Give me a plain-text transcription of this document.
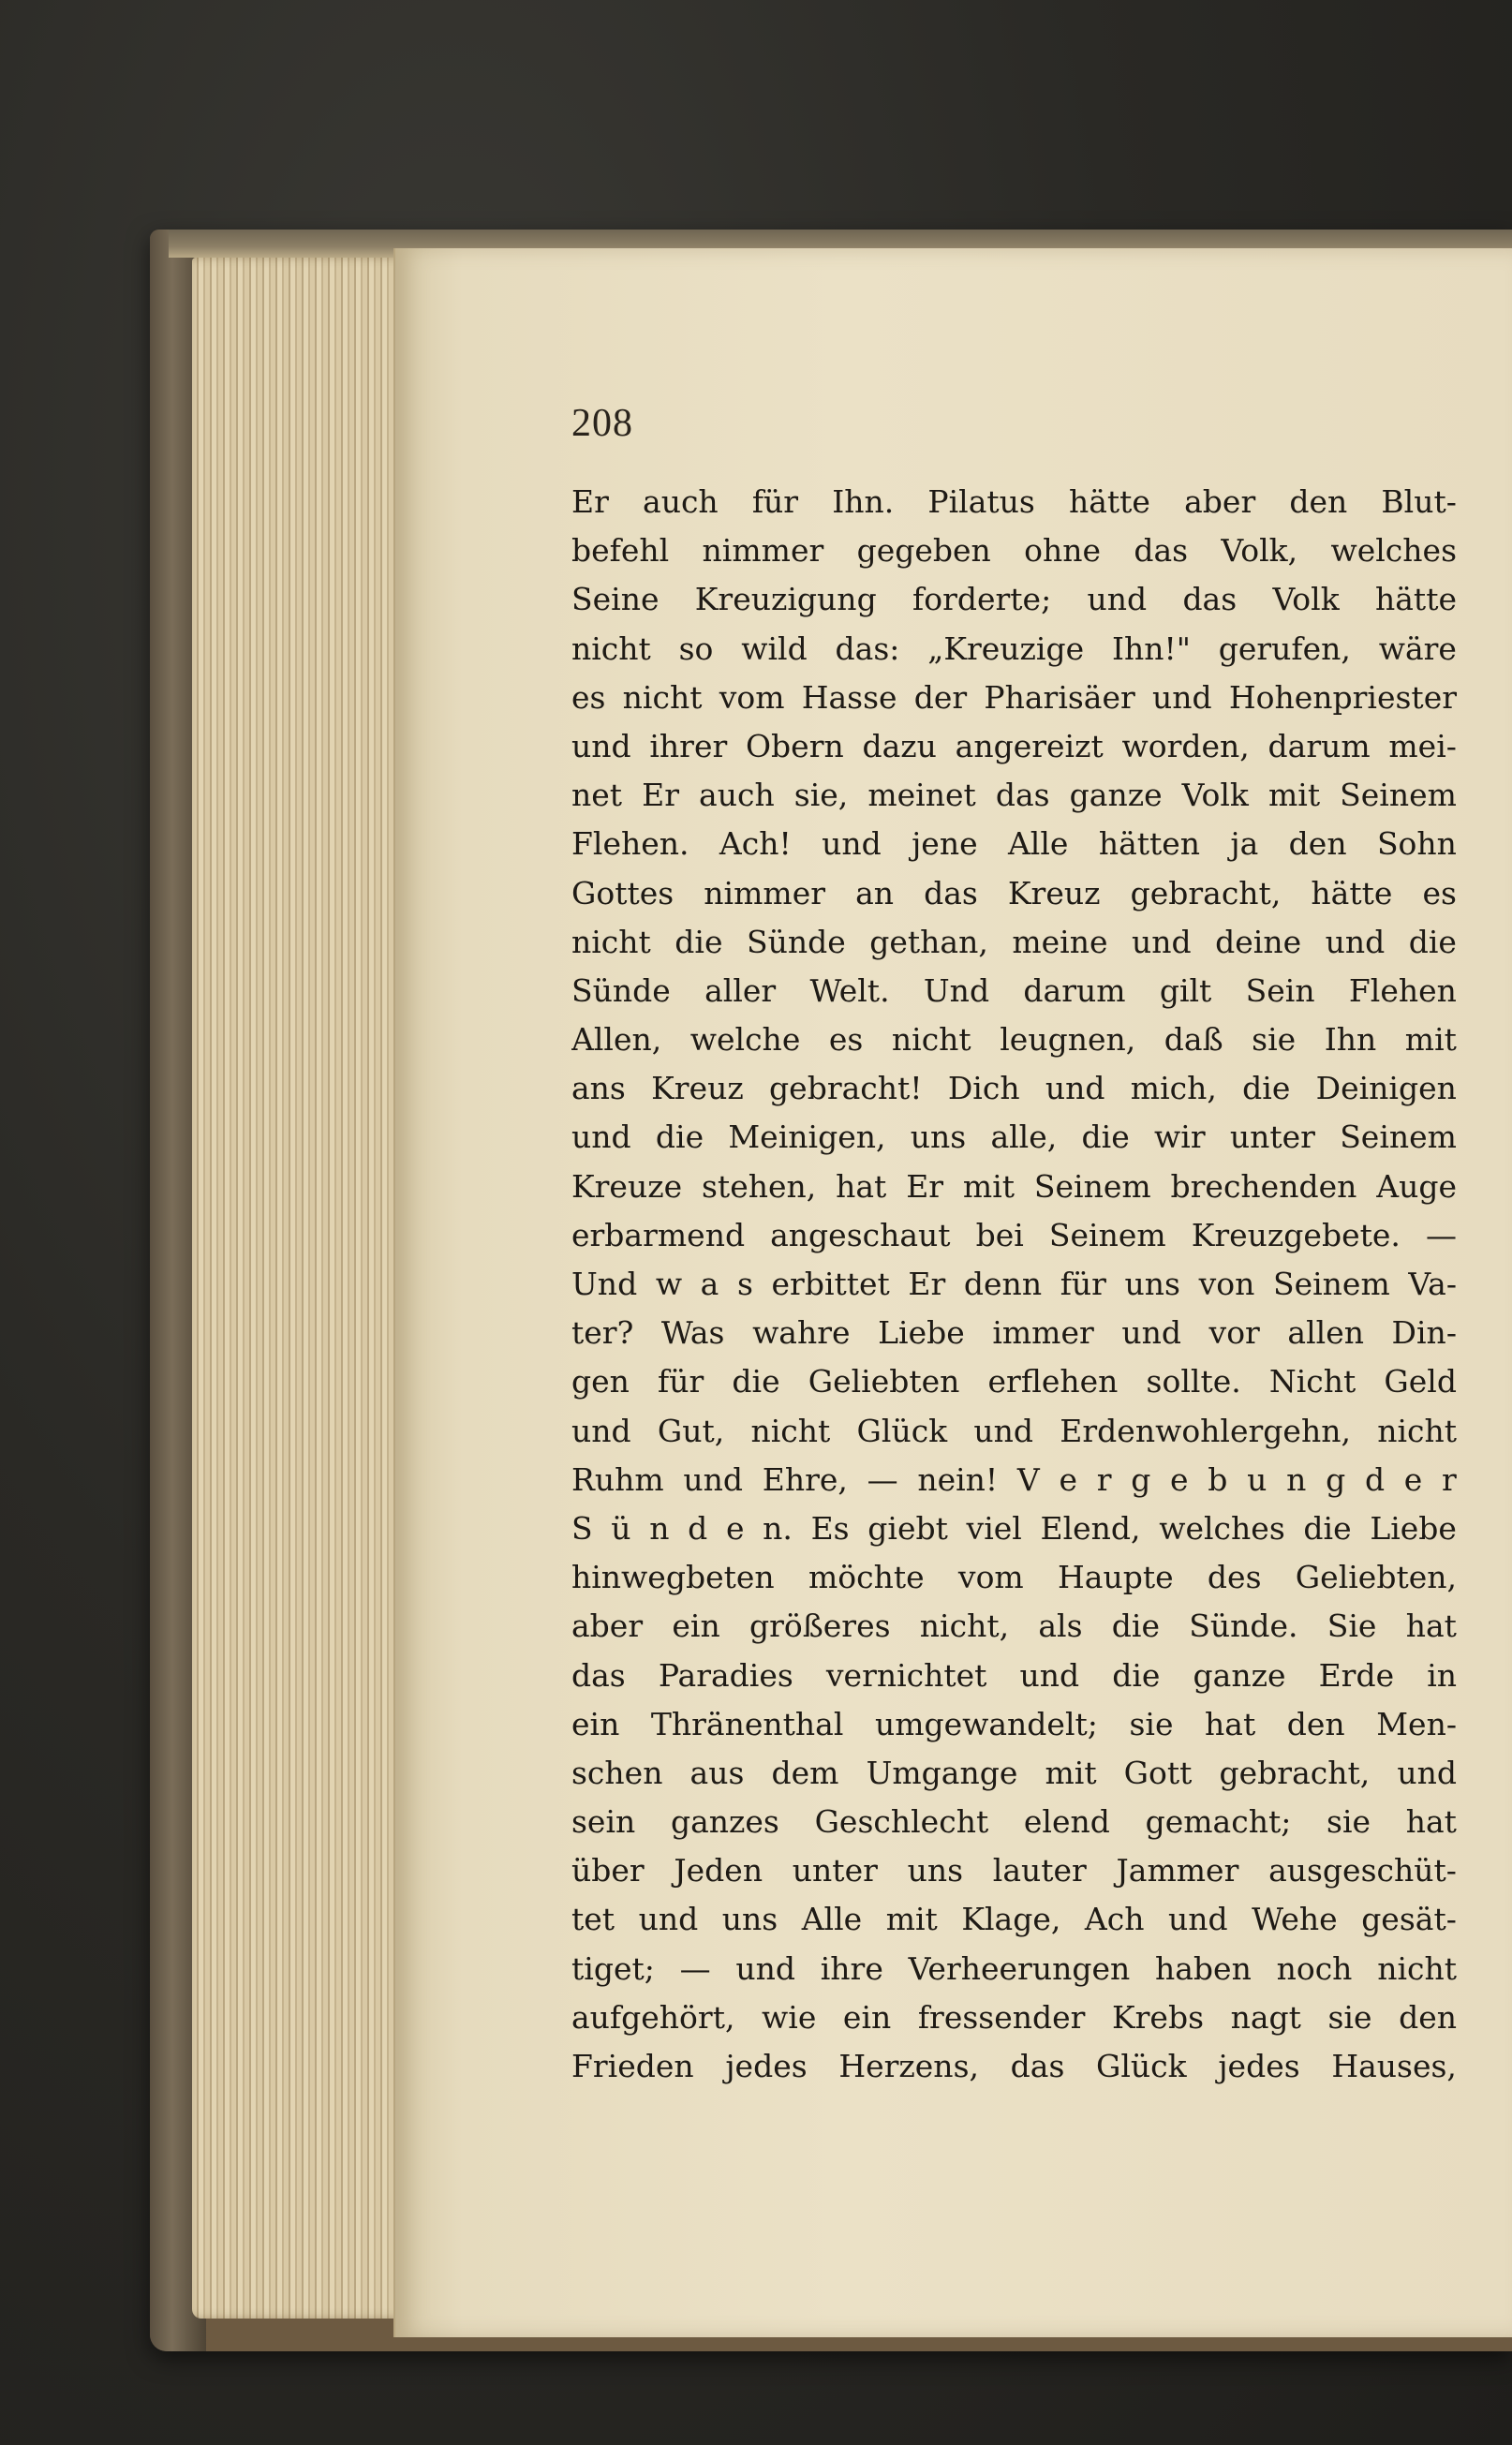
208
Er auch für Ihn. Pilatus hätte aber den Blut-
befehl nimmer gegeben ohne das Volk, welches
Seine Kreuzigung forderte; und das Volk hätte
nicht so wild das: „Kreuzige Ihn!" gerufen, wäre
es nicht vom Hasse der Pharisäer und Hohenpriester
und ihrer Obern dazu angereizt worden, darum mei-
net Er auch sie, meinet das ganze Volk mit Seinem
Flehen. Ach! und jene Alle hätten ja den Sohn
Gottes nimmer an das Kreuz gebracht, hätte es
nicht die Sünde gethan, meine und deine und die
Sünde aller Welt. Und darum gilt Sein Flehen
Allen, welche es nicht leugnen, daß sie Ihn mit
ans Kreuz gebracht! Dich und mich, die Deinigen
und die Meinigen, uns alle, die wir unter Seinem
Kreuze stehen, hat Er mit Seinem brechenden Auge
erbarmend angeschaut bei Seinem Kreuzgebete. —
Und w a s erbittet Er denn für uns von Seinem Va-
ter? Was wahre Liebe immer und vor allen Din-
gen für die Geliebten erflehen sollte. Nicht Geld
und Gut, nicht Glück und Erdenwohlergehn, nicht
Ruhm und Ehre, — nein! V e r g e b u n g d e r
S ü n d e n. Es giebt viel Elend, welches die Liebe
hinwegbeten möchte vom Haupte des Geliebten,
aber ein größeres nicht, als die Sünde. Sie hat
das Paradies vernichtet und die ganze Erde in
ein Thränenthal umgewandelt; sie hat den Men-
schen aus dem Umgange mit Gott gebracht, und
sein ganzes Geschlecht elend gemacht; sie hat
über Jeden unter uns lauter Jammer ausgeschüt-
tet und uns Alle mit Klage, Ach und Wehe gesät-
tiget; — und ihre Verheerungen haben noch nicht
aufgehört, wie ein fressender Krebs nagt sie den
Frieden jedes Herzens, das Glück jedes Hauses,
